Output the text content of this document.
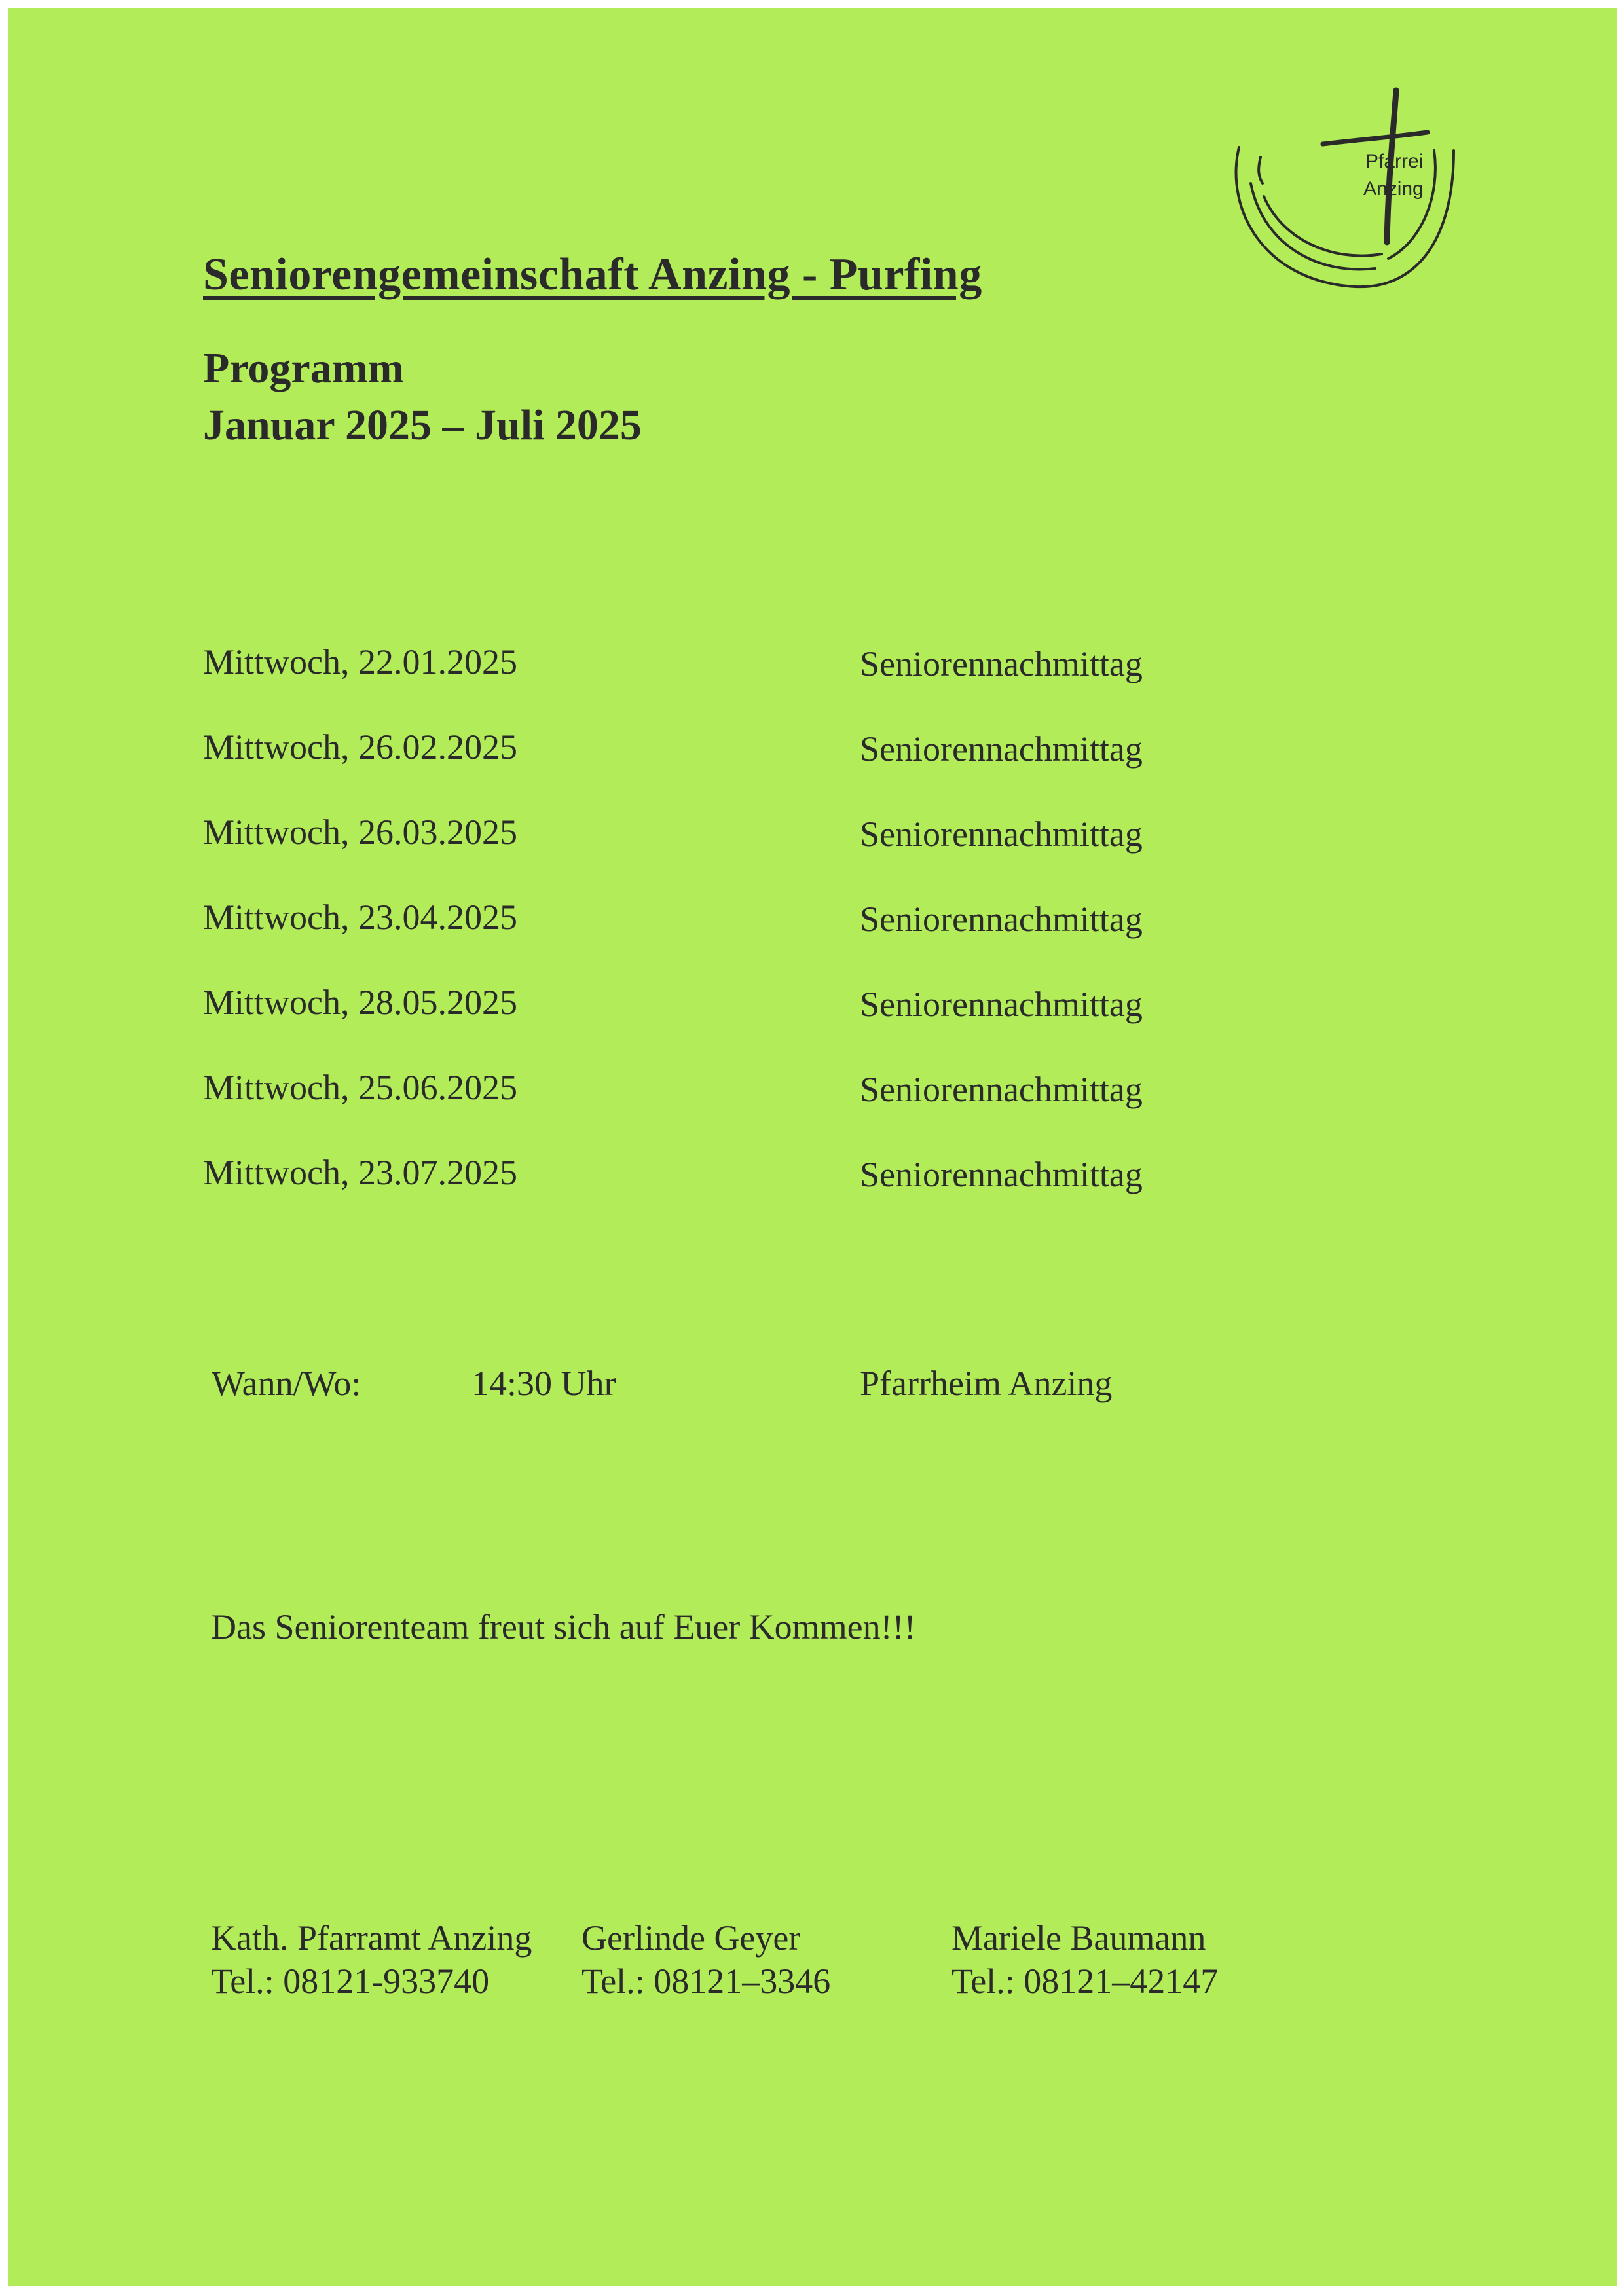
Pfarrei
Anzing
Seniorengemeinschaft Anzing - Purfing
Programm
Januar 2025 – Juli 2025
Mittwoch, 22.01.2025	Seniorennachmittag
Mittwoch, 26.02.2025	Seniorennachmittag
Mittwoch, 26.03.2025	Seniorennachmittag
Mittwoch, 23.04.2025	Seniorennachmittag
Mittwoch, 28.05.2025	Seniorennachmittag
Mittwoch, 25.06.2025	Seniorennachmittag
Mittwoch, 23.07.2025	Seniorennachmittag
Wann/Wo:	14:30 Uhr	Pfarrheim Anzing

Das Seniorenteam freut sich auf Euer Kommen!!!

Kath. Pfarramt Anzing
Tel.: 08121-933740
Gerlinde Geyer
Tel.: 08121–3346
Mariele Baumann
Tel.: 08121–42147
